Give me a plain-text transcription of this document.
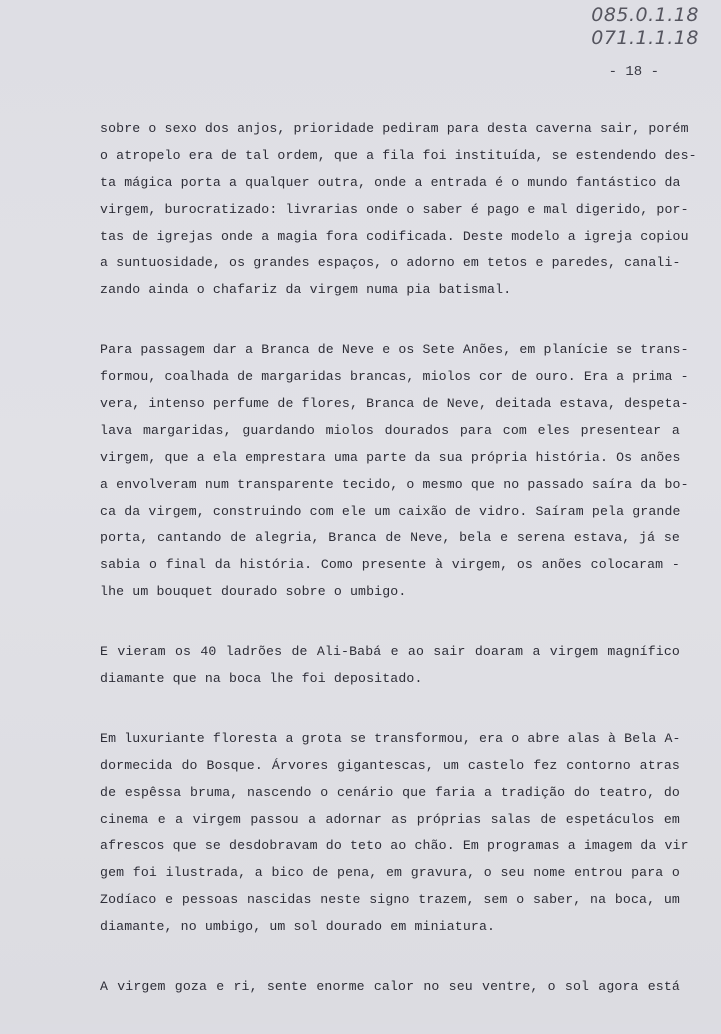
085.0.1.18
071.1.1.18
- 18 -
sobre o sexo dos anjos, prioridade pediram para desta caverna sair, porém
o atropelo era de tal ordem, que a fila foi instituída, se estendendo des-
ta mágica porta a qualquer outra, onde a entrada é o mundo fantástico da
virgem, burocratizado: livrarias onde o saber é pago e mal digerido, por-
tas de igrejas onde a magia fora codificada. Deste modelo a igreja copiou
a suntuosidade, os grandes espaços, o adorno em tetos e paredes, canali-
zando ainda o chafariz da virgem numa pia batismal.
Para passagem dar a Branca de Neve e os Sete Anões, em planície se trans-
formou, coalhada de margaridas brancas, miolos cor de ouro. Era a prima -
vera, intenso perfume de flores, Branca de Neve, deitada estava, despeta-
lava margaridas, guardando miolos dourados para com eles presentear a
virgem, que a ela emprestara uma parte da sua própria história. Os anões
a envolveram num transparente tecido, o mesmo que no passado saíra da bo-
ca da virgem, construindo com ele um caixão de vidro. Saíram pela grande
porta, cantando de alegria, Branca de Neve, bela e serena estava, já se
sabia o final da história. Como presente à virgem, os anões colocaram -
lhe um bouquet dourado sobre o umbigo.
E vieram os 40 ladrões de Ali-Babá e ao sair doaram a virgem magnífico
diamante que na boca lhe foi depositado.
Em luxuriante floresta a grota se transformou, era o abre alas à Bela A-
dormecida do Bosque. Árvores gigantescas, um castelo fez contorno atras
de espêssa bruma, nascendo o cenário que faria a tradição do teatro, do
cinema e a virgem passou a adornar as próprias salas de espetáculos em
afrescos que se desdobravam do teto ao chão. Em programas a imagem da vir
gem foi ilustrada, a bico de pena, em gravura, o seu nome entrou para o
Zodíaco e pessoas nascidas neste signo trazem, sem o saber, na boca, um
diamante, no umbigo, um sol dourado em miniatura.
A virgem goza e ri, sente enorme calor no seu ventre, o sol agora está
